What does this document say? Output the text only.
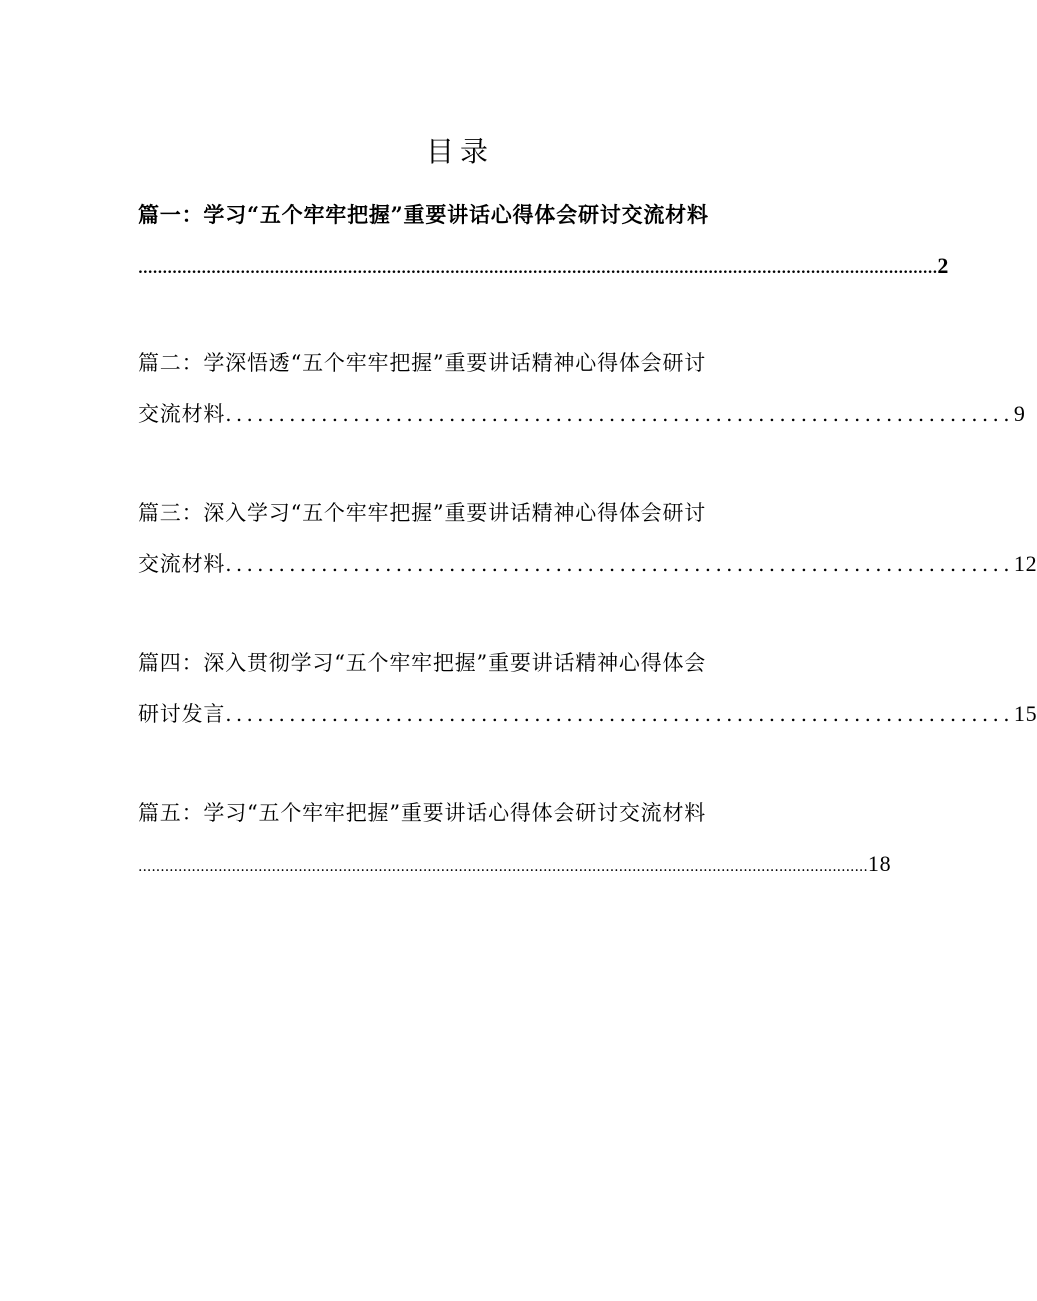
目录
篇一：学习“五个牢牢把握”重要讲话心得体会研讨交流材料
.................................................................................................................................................................... 2
篇二：学深悟透“五个牢牢把握”重要讲话精神心得体会研讨
交流材料 .......................................................................... 9
篇三：深入学习“五个牢牢把握”重要讲话精神心得体会研讨
交流材料 .......................................................................... 12
篇四：深入贯彻学习“五个牢牢把握”重要讲话精神心得体会
研讨发言 .......................................................................... 15
篇五：学习“五个牢牢把握”重要讲话心得体会研讨交流材料
.................................................................................................................................................................... 18
